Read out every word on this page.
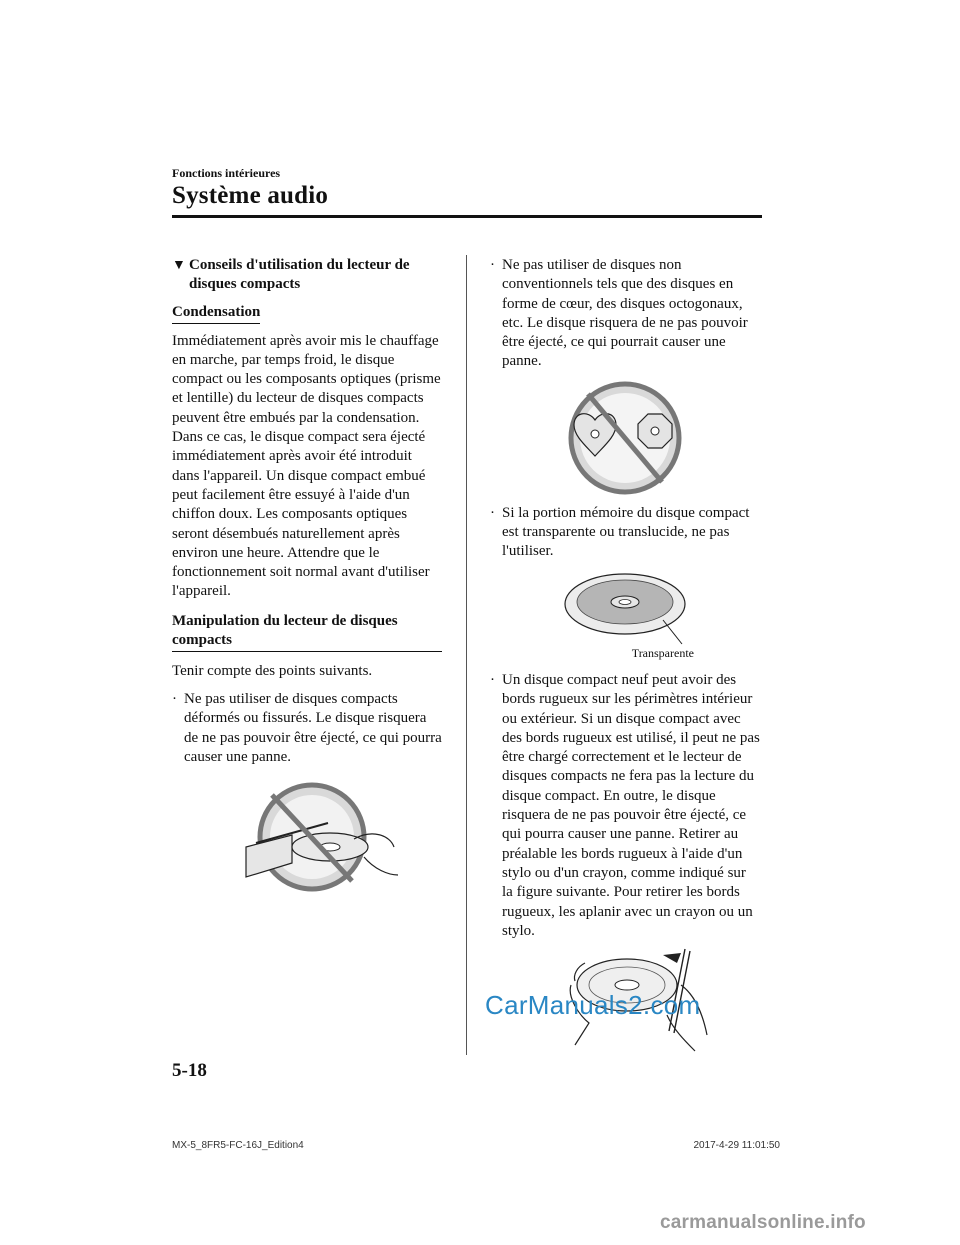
Fonctions intérieures
Système audio
▼ Conseils d'utilisation du lecteur de disques compacts
Condensation

Immédiatement après avoir mis le chauffage en marche, par temps froid, le disque compact ou les composants optiques (prisme et lentille) du lecteur de disques compacts peuvent être embués par la condensation. Dans ce cas, le disque compact sera éjecté immédiatement après avoir été introduit dans l'appareil. Un disque compact embué peut facilement être essuyé à l'aide d'un chiffon doux. Les composants optiques seront désembués naturellement après environ une heure. Attendre que le fonctionnement soit normal avant d'utiliser l'appareil.

Manipulation du lecteur de disques compacts

Tenir compte des points suivants.

· Ne pas utiliser de disques compacts déformés ou fissurés. Le disque risquera de ne pas pouvoir être éjecté, ce qui pourra causer une panne.
· Ne pas utiliser de disques non conventionnels tels que des disques en forme de cœur, des disques octogonaux, etc. Le disque risquera de ne pas pouvoir être éjecté, ce qui pourrait causer une panne.
· Si la portion mémoire du disque compact est transparente ou translucide, ne pas l'utiliser.
Transparente
· Un disque compact neuf peut avoir des bords rugueux sur les périmètres intérieur ou extérieur. Si un disque compact avec des bords rugueux est utilisé, il peut ne pas être chargé correctement et le lecteur de disques compacts ne fera pas la lecture du disque compact. En outre, le disque risquera de ne pas pouvoir être éjecté, ce qui pourra causer une panne. Retirer au préalable les bords rugueux à l'aide d'un stylo ou d'un crayon, comme indiqué sur la figure suivante. Pour retirer les bords rugueux, les aplanir avec un crayon ou un stylo.
CarManuals2.com
5-18
MX-5_8FR5-FC-16J_Edition4	2017-4-29 11:01:50
carmanualsonline.info
